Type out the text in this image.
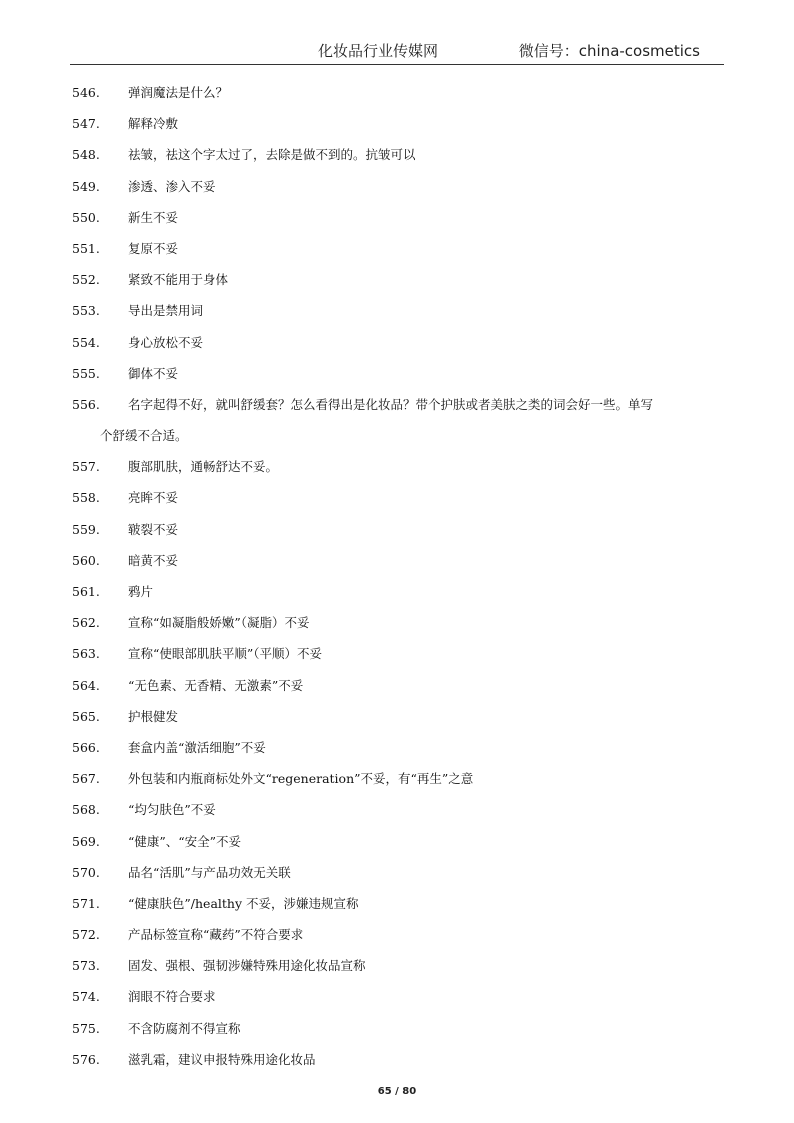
化妆品行业传媒网	微信号：china-cosmetics
546. 弹润魔法是什么？
547. 解释冷敷
548. 祛皱，祛这个字太过了，去除是做不到的。抗皱可以
549. 渗透、渗入不妥
550. 新生不妥
551. 复原不妥
552. 紧致不能用于身体
553. 导出是禁用词
554. 身心放松不妥
555. 御体不妥
556.	名字起得不好，就叫舒缓套？怎么看得出是化妆品？带个护肤或者美肤之类的词会好一些。单写
个舒缓不合适。
557. 腹部肌肤，通畅舒达不妥。
558. 亮眸不妥
559. 皲裂不妥
560. 暗黄不妥
561. 鸦片
562. 宣称“如凝脂般娇嫩”（凝脂）不妥
563. 宣称“使眼部肌肤平顺”（平顺）不妥
564. “无色素、无香精、无激素”不妥
565. 护根健发
566. 套盒内盖“激活细胞”不妥
567. 外包装和内瓶商标处外文“regeneration”不妥，有“再生”之意
568. “均匀肤色”不妥
569. “健康”、“安全”不妥
570. 品名“活肌”与产品功效无关联
571. “健康肤色”/healthy 不妥，涉嫌违规宣称
572. 产品标签宣称“藏药”不符合要求
573. 固发、强根、强韧涉嫌特殊用途化妆品宣称
574. 润眼不符合要求
575. 不含防腐剂不得宣称
576. 滋乳霜，建议申报特殊用途化妆品
65 / 80
